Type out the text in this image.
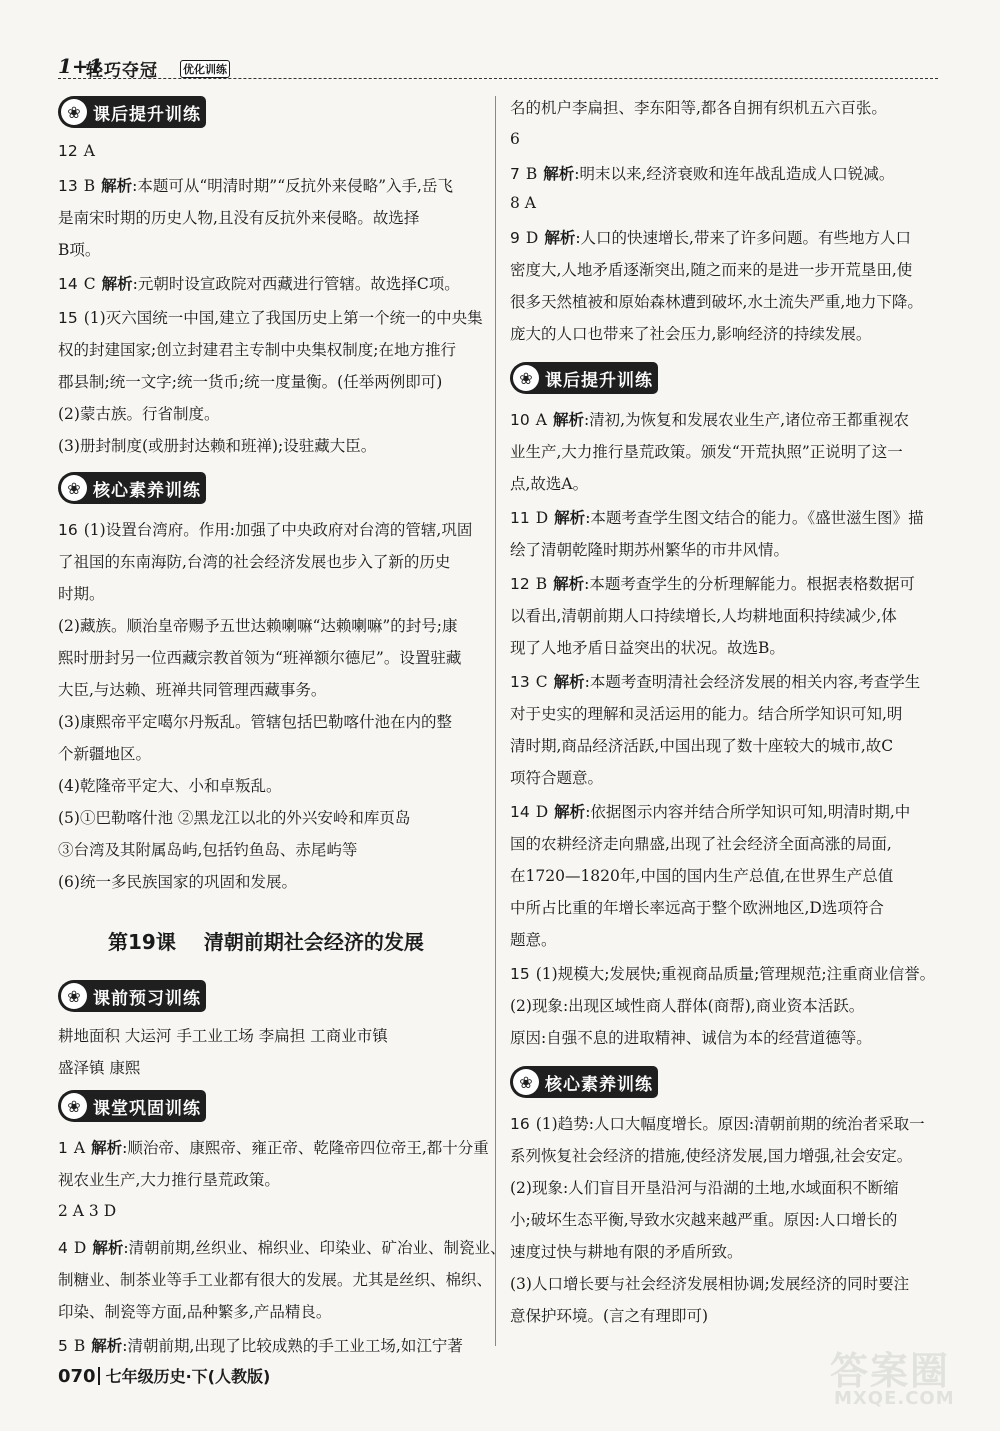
1+1
轻巧夺冠 优化训练
❀ 课后提升训练
12 A
13 B 解析:本题可从“明清时期”“反抗外来侵略”入手,岳飞
是南宋时期的历史人物,且没有反抗外来侵略。故选择
B项。
14 C 解析:元朝时设宣政院对西藏进行管辖。故选择C项。
15 (1)灭六国统一中国,建立了我国历史上第一个统一的中央集
权的封建国家;创立封建君主专制中央集权制度;在地方推行
郡县制;统一文字;统一货币;统一度量衡。(任举两例即可)
(2)蒙古族。行省制度。
(3)册封制度(或册封达赖和班禅);设驻藏大臣。
❀ 核心素养训练
16 (1)设置台湾府。作用:加强了中央政府对台湾的管辖,巩固
了祖国的东南海防,台湾的社会经济发展也步入了新的历史
时期。
(2)藏族。顺治皇帝赐予五世达赖喇嘛“达赖喇嘛”的封号;康
熙时册封另一位西藏宗教首领为“班禅额尔德尼”。设置驻藏
大臣,与达赖、班禅共同管理西藏事务。
(3)康熙帝平定噶尔丹叛乱。管辖包括巴勒喀什池在内的整
个新疆地区。
(4)乾隆帝平定大、小和卓叛乱。
(5)①巴勒喀什池 ②黑龙江以北的外兴安岭和库页岛
③台湾及其附属岛屿,包括钓鱼岛、赤尾屿等
(6)统一多民族国家的巩固和发展。
第19课 清朝前期社会经济的发展
❀ 课前预习训练
耕地面积 大运河 手工业工场 李扁担 工商业市镇
盛泽镇 康熙
❀ 课堂巩固训练
1 A 解析:顺治帝、康熙帝、雍正帝、乾隆帝四位帝王,都十分重
视农业生产,大力推行垦荒政策。
2 A 3 D
4 D 解析:清朝前期,丝织业、棉织业、印染业、矿冶业、制瓷业、
制糖业、制茶业等手工业都有很大的发展。尤其是丝织、棉织、
印染、制瓷等方面,品种繁多,产品精良。
5 B 解析:清朝前期,出现了比较成熟的手工业工场,如江宁著
名的机户李扁担、李东阳等,都各自拥有织机五六百张。
6
7 B 解析:明末以来,经济衰败和连年战乱造成人口锐减。
8 A
9 D 解析:人口的快速增长,带来了许多问题。有些地方人口
密度大,人地矛盾逐渐突出,随之而来的是进一步开荒垦田,使
很多天然植被和原始森林遭到破坏,水土流失严重,地力下降。
庞大的人口也带来了社会压力,影响经济的持续发展。
❀ 课后提升训练
10 A 解析:清初,为恢复和发展农业生产,诸位帝王都重视农
业生产,大力推行垦荒政策。颁发“开荒执照”正说明了这一
点,故选A。
11 D 解析:本题考查学生图文结合的能力。《盛世滋生图》描
绘了清朝乾隆时期苏州繁华的市井风情。
12 B 解析:本题考查学生的分析理解能力。根据表格数据可
以看出,清朝前期人口持续增长,人均耕地面积持续减少,体
现了人地矛盾日益突出的状况。故选B。
13 C 解析:本题考查明清社会经济发展的相关内容,考查学生
对于史实的理解和灵活运用的能力。结合所学知识可知,明
清时期,商品经济活跃,中国出现了数十座较大的城市,故C
项符合题意。
14 D 解析:依据图示内容并结合所学知识可知,明清时期,中
国的农耕经济走向鼎盛,出现了社会经济全面高涨的局面,
在1720—1820年,中国的国内生产总值,在世界生产总值
中所占比重的年增长率远高于整个欧洲地区,D选项符合
题意。
15 (1)规模大;发展快;重视商品质量;管理规范;注重商业信誉。
(2)现象:出现区域性商人群体(商帮),商业资本活跃。
原因:自强不息的进取精神、诚信为本的经营道德等。
❀ 核心素养训练
16 (1)趋势:人口大幅度增长。原因:清朝前期的统治者采取一
系列恢复社会经济的措施,使经济发展,国力增强,社会安定。
(2)现象:人们盲目开垦沿河与沿湖的土地,水域面积不断缩
小;破坏生态平衡,导致水灾越来越严重。原因:人口增长的
速度过快与耕地有限的矛盾所致。
(3)人口增长要与社会经济发展相协调;发展经济的同时要注
意保护环境。(言之有理即可)
070 七年级历史·下(人教版)	答案圈
MXQE.COM
